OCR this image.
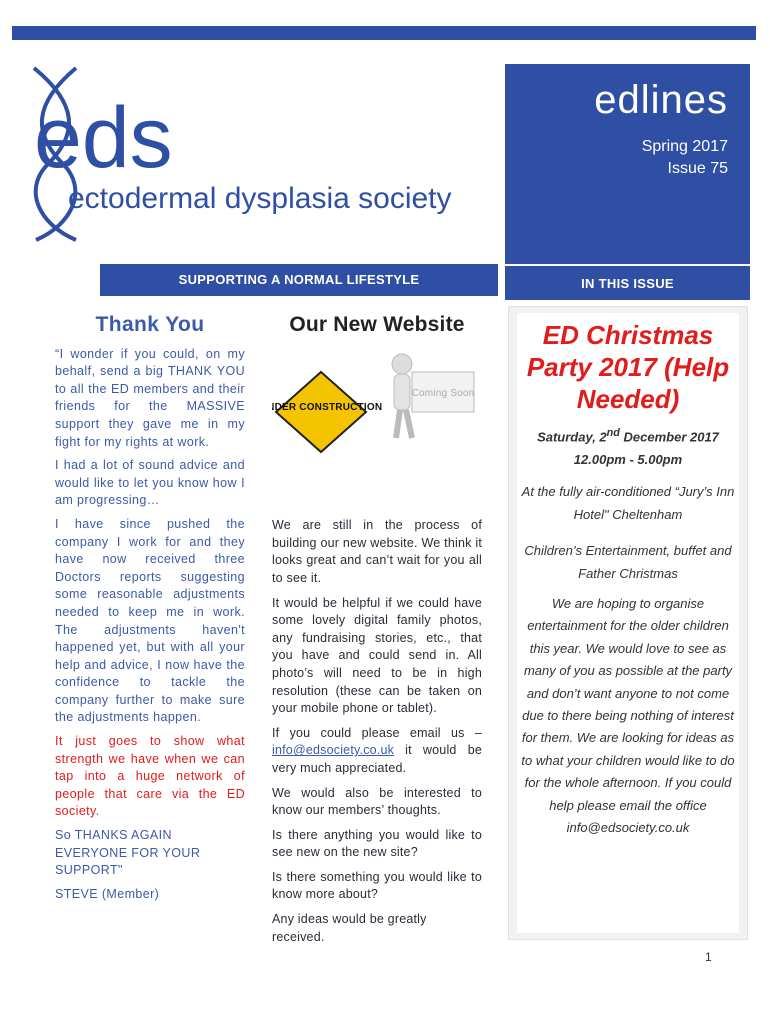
eds
ectodermal dysplasia society
edlines
Spring 2017
Issue 75
SUPPORTING A NORMAL LIFESTYLE	IN THIS ISSUE
Thank You

“I wonder if you could, on my behalf, send a big THANK YOU to all the ED members and their friends for the MASSIVE support they gave me in my fight for my rights at work.

I had a lot of sound advice and would like to let you know how I am progressing…

I have since pushed the company I work for and they have now received three Doctors reports suggesting some reasonable adjustments needed to keep me in work. The adjustments haven't happened yet, but with all your help and advice, I now have the confidence to tackle the company further to make sure the adjustments happen.

It just goes to show what strength we have when we can tap into a huge network of people that care via the ED society.

So THANKS AGAIN EVERYONE FOR YOUR SUPPORT"

STEVE (Member)

Our New Website
UNDER CONSTRUCTION
Coming Soon

We are still in the process of building our new website. We think it looks great and can’t wait for you all to see it.

It would be helpful if we could have some lovely digital family photos, any fundraising stories, etc., that you have and could send in. All photo’s will need to be in high resolution (these can be taken on your mobile phone or tablet).

If you could please email us – info@edsociety.co.uk it would be very much appreciated.

We would also be interested to know our members’ thoughts.

Is there anything you would like to see new on the new site?

Is there something you would like to know more about?

Any ideas would be greatly received.

ED Christmas Party 2017 (Help Needed)
Saturday, 2nd December 2017
12.00pm - 5.00pm
At the fully air-conditioned “Jury’s Inn Hotel" Cheltenham
Children’s Entertainment, buffet and Father Christmas
We are hoping to organise entertainment for the older children this year. We would love to see as many of you as possible at the party and don’t want anyone to not come due to there being nothing of interest for them. We are looking for ideas as to what your children would like to do for the whole afternoon. If you could help please email the office info@edsociety.co.uk
1
